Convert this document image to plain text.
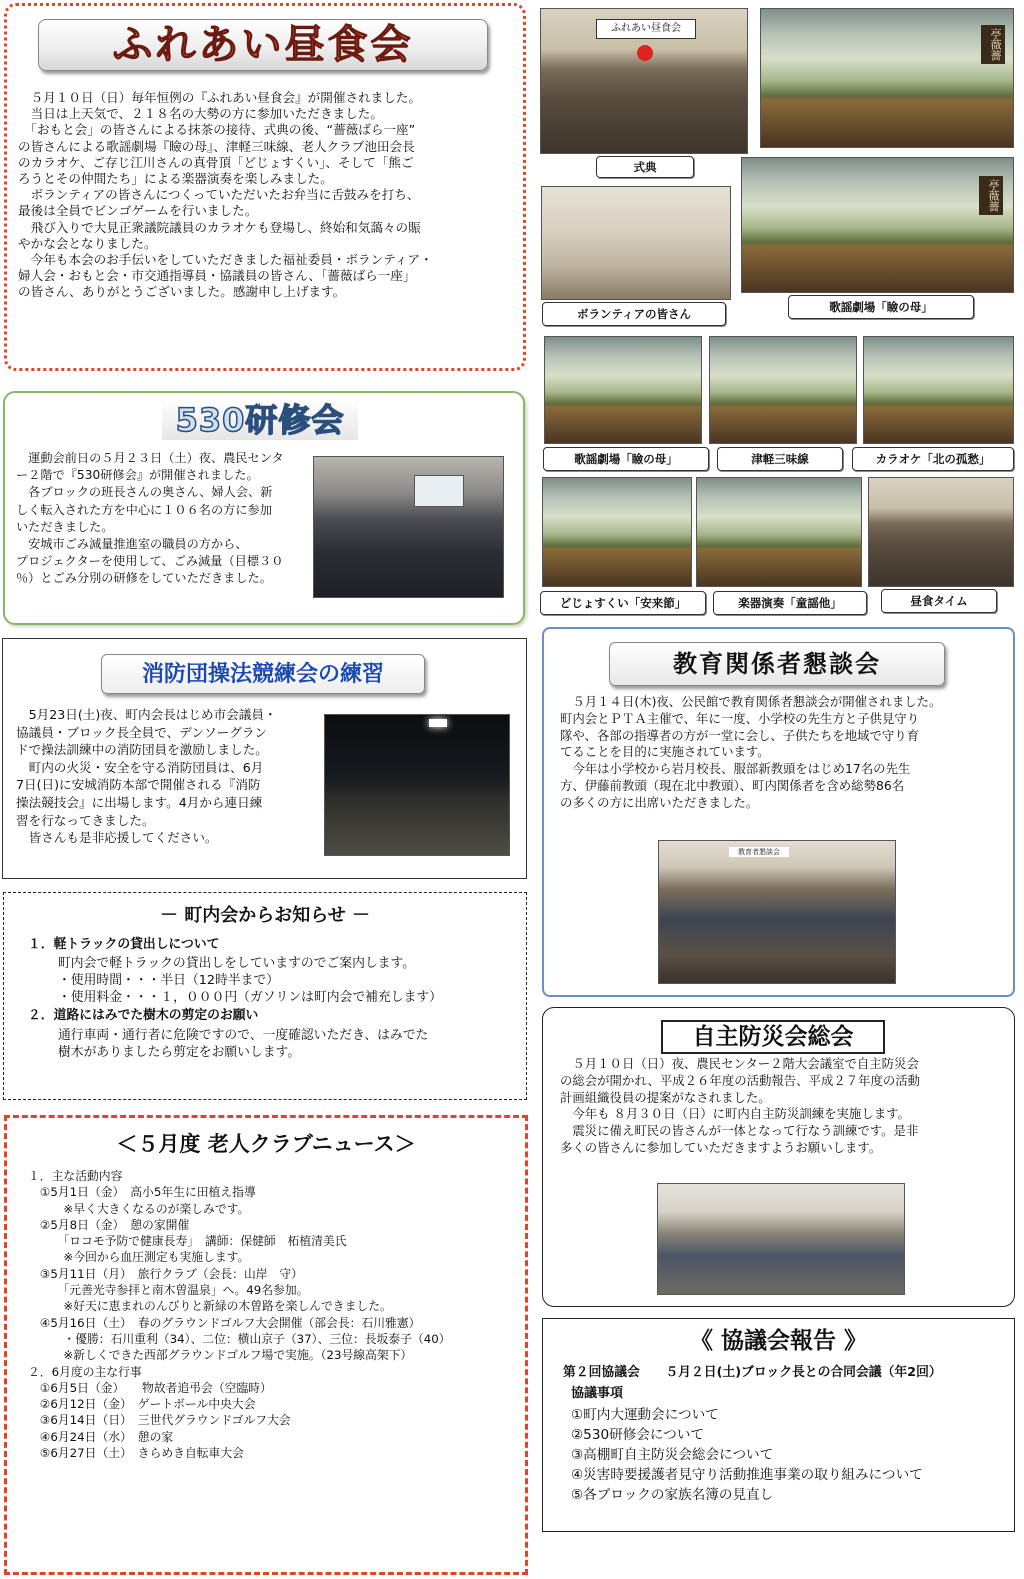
ふれあい昼食会
　５月１０日（日）毎年恒例の『ふれあい昼食会』が開催されました。
　当日は上天気で、２１８名の大勢の方に参加いただきました。
　「おもと会」の皆さんによる抹茶の接待、式典の後、“薔薇ばら一座”
の皆さんによる歌謡劇場『瞼の母』、津軽三味線、老人クラブ池田会長
のカラオケ、ご存じ江川さんの真骨頂「どじょすくい」、そして「熊ご
ろうとその仲間たち」による楽器演奏を楽しみました。
　ボランティアの皆さんにつくっていただいたお弁当に舌鼓みを打ち、
最後は全員でビンゴゲームを行いました。
　飛び入りで大見正衆議院議員のカラオケも登場し、終始和気藹々の賑
やかな会となりました。
　今年も本会のお手伝いをしていただきました福祉委員・ボランティア・
婦人会・おもと会・市交通指導員・協議員の皆さん、「薔薇ばら一座」
の皆さん、ありがとうございました。感謝申し上げます。
ふれあい昼食会	亭薇薔
式典
ボランティアの皆さん
亭薇薔
歌謡劇場「瞼の母」
歌謡劇場「瞼の母」	津軽三味線	カラオケ「北の孤愁」
どじょすくい「安来節」	楽器演奏「童謡他」	昼食タイム
530研修会
　運動会前日の５月２３日（土）夜、農民センタ
ー２階で『530研修会』が開催されました。
　各ブロックの班長さんの奥さん、婦人会、新
しく転入された方を中心に１０６名の方に参加
いただきました。
　安城市ごみ減量推進室の職員の方から、
プロジェクターを使用して、ごみ減量（目標３０
％）とごみ分別の研修をしていただきました。
消防団操法競練会の練習
　5月23日(土)夜、町内会長はじめ市会議員・
協議員・ブロック長全員で、デンソーグラン
ドで操法訓練中の消防団員を激励しました。
　町内の火災・安全を守る消防団員は、6月
7日(日)に安城消防本部で開催される『消防
操法競技会』に出場します。4月から連日練
習を行なってきました。
　皆さんも是非応援してください。
－ 町内会からお知らせ －
１．軽トラックの貸出しについて
町内会で軽トラックの貸出しをしていますのでご案内します。
・使用時間・・・半日（12時半まで）
・使用料金・・・１，０００円（ガソリンは町内会で補充します）
２．道路にはみでた樹木の剪定のお願い
通行車両・通行者に危険ですので、一度確認いただき、はみでた
樹木がありましたら剪定をお願いします。
＜５月度 老人クラブニュース＞
１．主な活動内容
　①5月1日（金）　高小5年生に田植え指導
　　　※早く大きくなるのが楽しみです。
　②5月8日（金）　憩の家開催
　　　「ロコモ予防で健康長寿」　講師：保健師　柘植清美氏
　　　※今回から血圧測定も実施します。
　③5月11日（月）　旅行クラブ（会長：山岸　守）
　　　「元善光寺参拝と南木曽温泉」へ。49名参加。
　　　※好天に恵まれのんびりと新緑の木曽路を楽しんできました。
　④5月16日（土）　春のグラウンドゴルフ大会開催（部会長：石川雅憲）
　　　・優勝：石川重利（34）、二位：横山京子（37）、三位：長坂泰子（40）
　　　※新しくできた西部グラウンドゴルフ場で実施。（23号線高架下）
２．6月度の主な行事
　①6月5日（金）　　物故者追弔会（空臨時）
　②6月12日（金）　ゲートボール中央大会
　③6月14日（日）　三世代グラウンドゴルフ大会
　④6月24日（水）　憩の家
　⑤6月27日（土）　きらめき自転車大会
教育関係者懇談会
　５月１４日(木)夜、公民館で教育関係者懇談会が開催されました。
町内会とＰＴＡ主催で、年に一度、小学校の先生方と子供見守り
隊や、各部の指導者の方が一堂に会し、子供たちを地域で守り育
てることを目的に実施されています。
　今年は小学校から岩月校長、服部新教頭をはじめ17名の先生
方、伊藤前教頭（現在北中教頭）、町内関係者を含め総勢86名
の多くの方に出席いただきました。
教育者懇談会
自主防災会総会
　５月１０日（日）夜、農民センター２階大会議室で自主防災会
の総会が開かれ、平成２６年度の活動報告、平成２７年度の活動
計画組織役員の提案がなされました。
　今年も ８月３０日（日）に町内自主防災訓練を実施します。
　震災に備え町民の皆さんが一体となって行なう訓練です。是非
多くの皆さんに参加していただきますようお願いします。
《 協議会報告 》
第２回協議会　　５月２日(土)ブロック長との合同会議（年2回）
協議事項
①町内大運動会について
②530研修会について
③高棚町自主防災会総会について
④災害時要援護者見守り活動推進事業の取り組みについて
⑤各ブロックの家族名簿の見直し
